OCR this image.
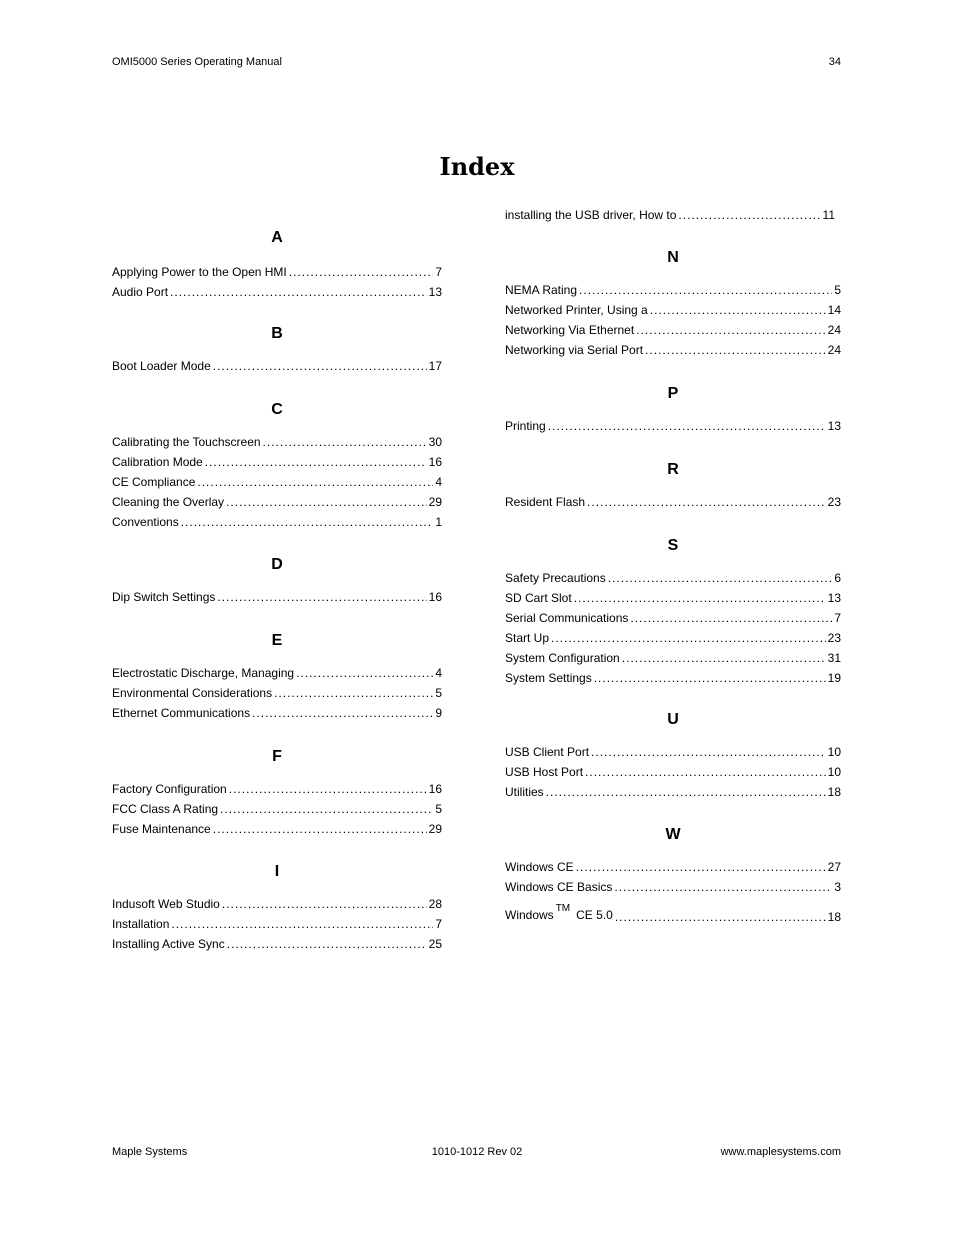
OMI5000 Series Operating Manual	34
Index
A
Applying Power to the Open HMI .....	7
Audio Port .....	13
B
Boot Loader Mode .....	17
C
Calibrating the Touchscreen .....	30
Calibration Mode .....	16
CE Compliance .....	4
Cleaning the Overlay .....	29
Conventions .....	1
D
Dip Switch Settings .....	16
E
Electrostatic Discharge, Managing .....	4
Environmental Considerations .....	5
Ethernet Communications .....	9
F
Factory Configuration .....	16
FCC Class A Rating .....	5
Fuse Maintenance .....	29
I
Indusoft Web Studio .....	28
Installation .....	7
Installing Active Sync .....	25
installing the USB driver, How to .....	11
N
NEMA Rating .....	5
Networked Printer, Using a .....	14
Networking Via Ethernet .....	24
Networking via Serial Port .....	24
P
Printing .....	13
R
Resident Flash .....	23
S
Safety Precautions .....	6
SD Cart Slot .....	13
Serial Communications .....	7
Start Up .....	23
System Configuration .....	31
System Settings .....	19
U
USB Client Port .....	10
USB Host Port .....	10
Utilities .....	18
W
Windows CE .....	27
Windows CE Basics .....	3
Windows ™ CE 5.0 .....	18
Maple Systems	1010-1012 Rev 02	www.maplesystems.com
